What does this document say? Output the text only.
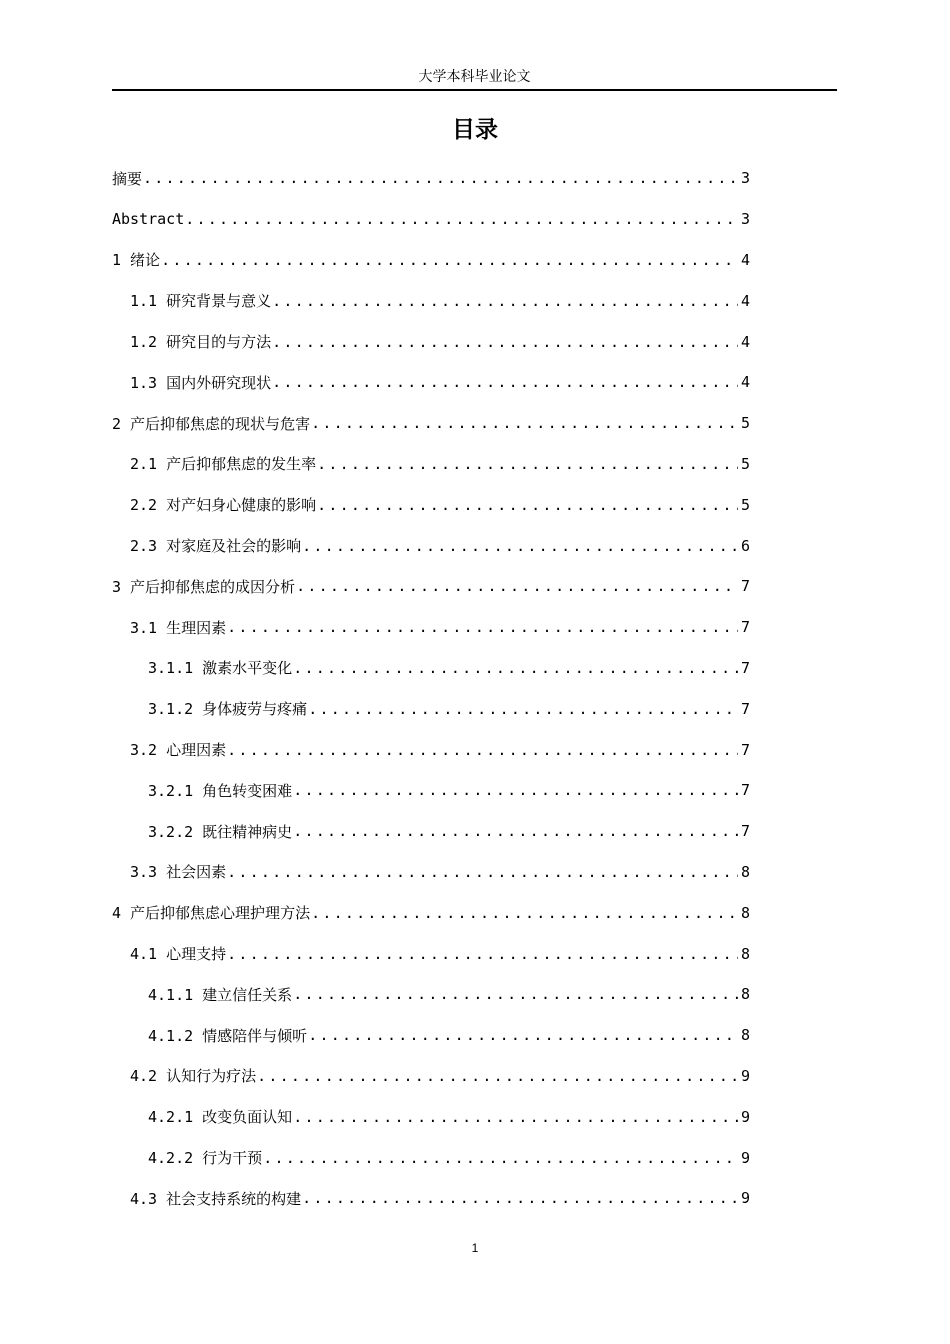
大学本科毕业论文
目录
摘要 . . .	3
Abstract . . .	3
1 绪论 . . .	4
1.1 研究背景与意义 . . .	4
1.2 研究目的与方法 . . .	4
1.3 国内外研究现状 . . .	4
2 产后抑郁焦虑的现状与危害 . . .	5
2.1 产后抑郁焦虑的发生率 . . .	5
2.2 对产妇身心健康的影响 . . .	5
2.3 对家庭及社会的影响 . . .	6
3 产后抑郁焦虑的成因分析 . . .	7
3.1 生理因素 . . .	7
3.1.1 激素水平变化 . . .	7
3.1.2 身体疲劳与疼痛 . . .	7
3.2 心理因素 . . .	7
3.2.1 角色转变困难 . . .	7
3.2.2 既往精神病史 . . .	7
3.3 社会因素 . . .	8
4 产后抑郁焦虑心理护理方法 . . .	8
4.1 心理支持 . . .	8
4.1.1 建立信任关系 . . .	8
4.1.2 情感陪伴与倾听 . . .	8
4.2 认知行为疗法 . . .	9
4.2.1 改变负面认知 . . .	9
4.2.2 行为干预 . . .	9
4.3 社会支持系统的构建 . . .	9
1
